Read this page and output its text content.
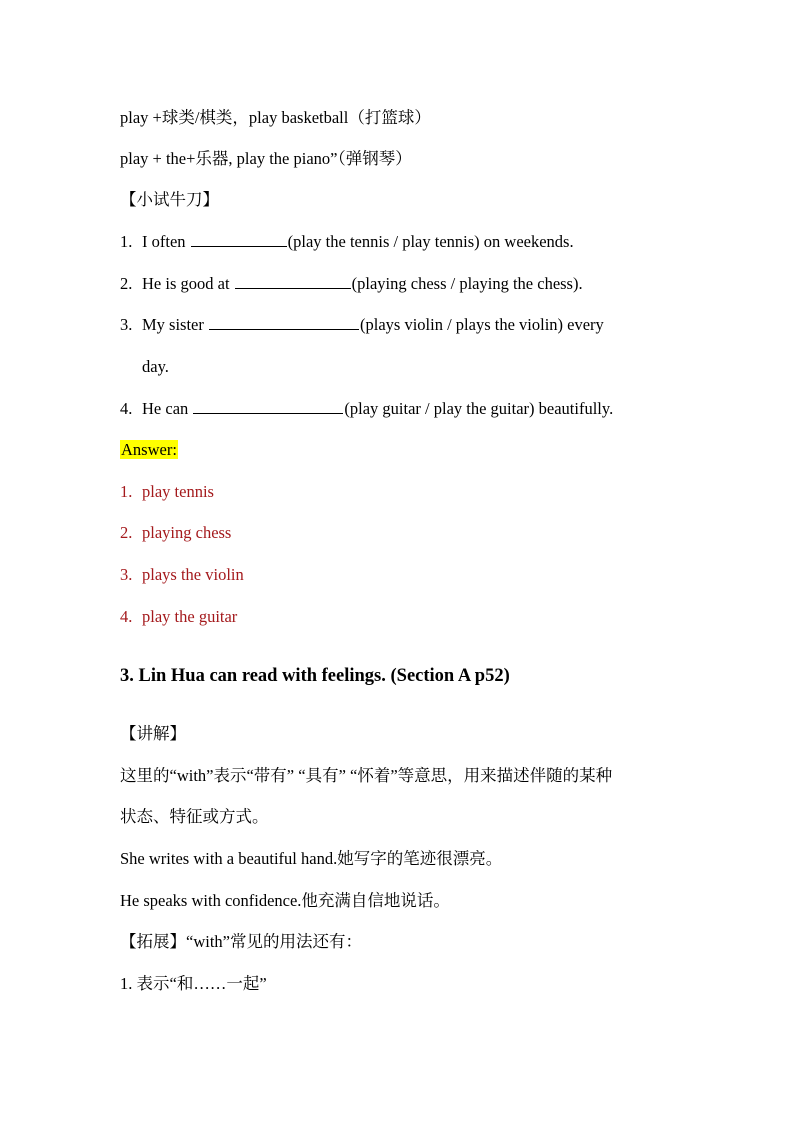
play +球类/棋类，play basketball（打篮球）
play + the+乐器, play the piano”（弹钢琴）
【小试牛刀】
1. I often	(play the tennis / play tennis) on weekends.
2. He is good at	(playing chess / playing the chess).
3. My sister	(plays violin / plays the violin) every
day.
4. He can	(play guitar / play the guitar) beautifully.
Answer:
1. play tennis
2. playing chess
3. plays the violin
4. play the guitar
3. Lin Hua can read with feelings. (Section A p52)
【讲解】
这里的“with”表示“带有” “具有” “怀着”等意思，用来描述伴随的某种
状态、特征或方式。
She writes with a beautiful hand.她写字的笔迹很漂亮。
He speaks with confidence.他充满自信地说话。
【拓展】“with”常见的用法还有：
1. 表示“和……一起”
